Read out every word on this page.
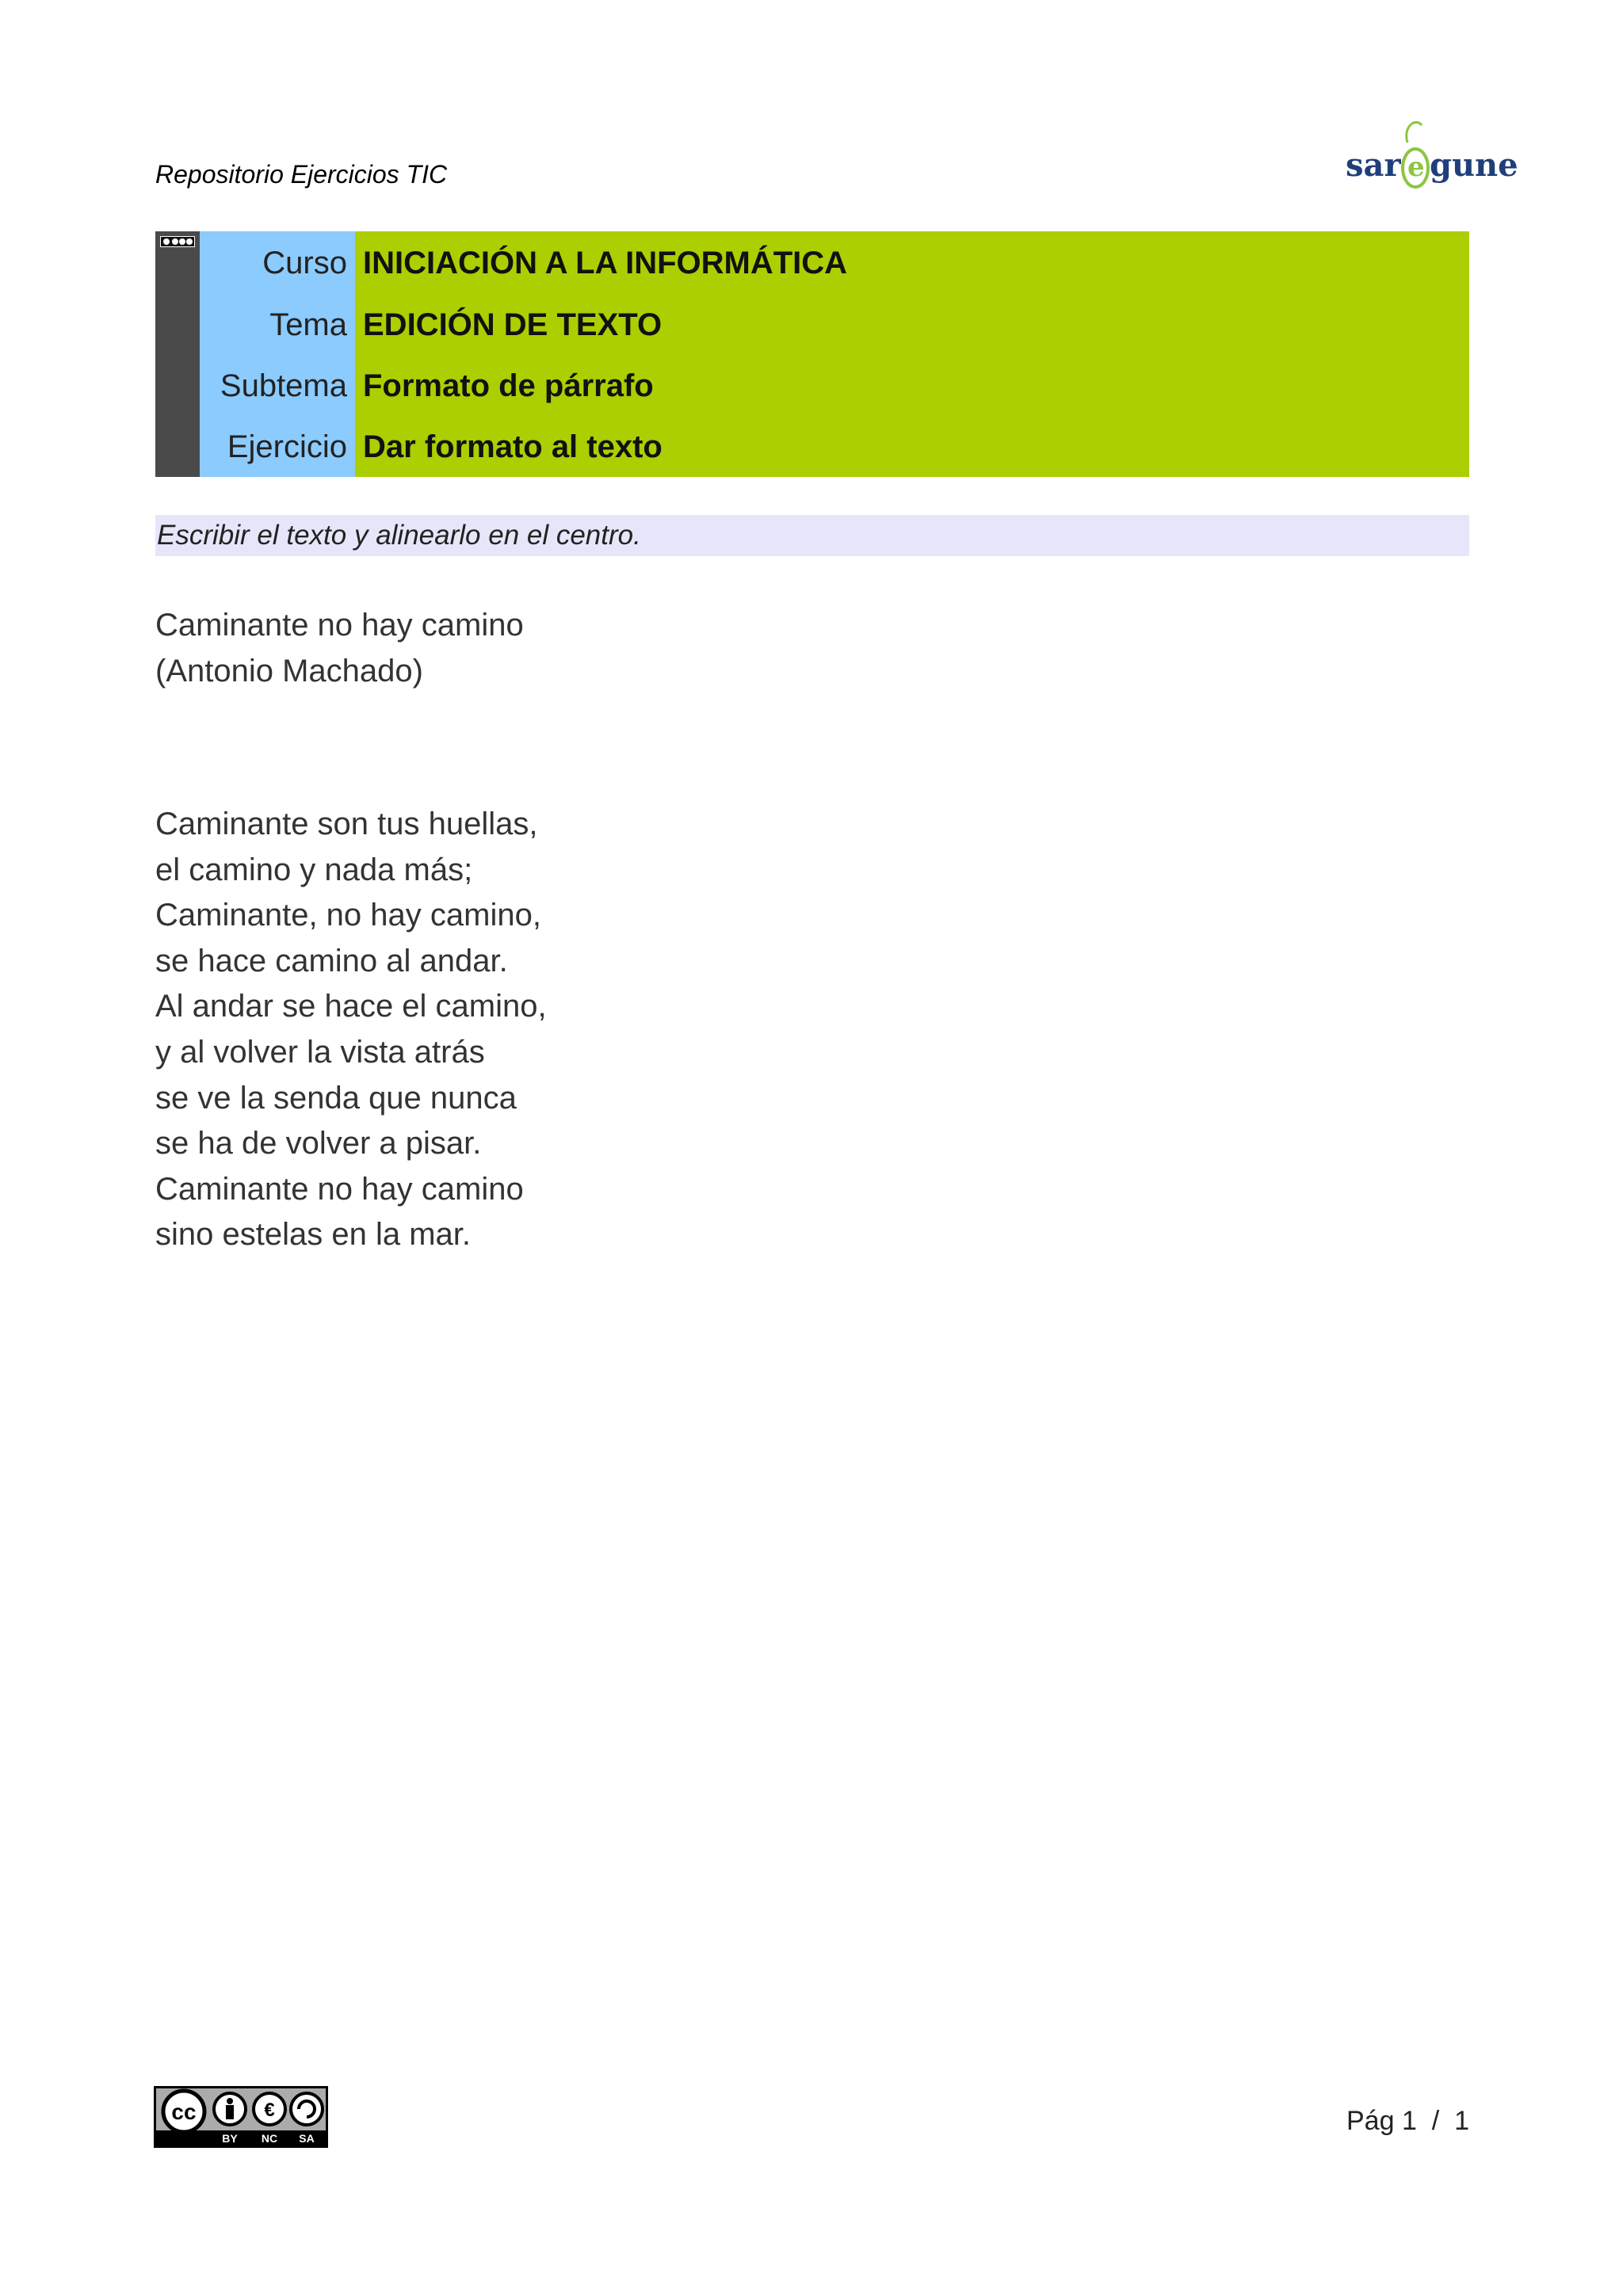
Repositorio Ejercicios TIC	sar e gune
Curso
Tema
Subtema
Ejercicio
INICIACIÓN A LA INFORMÁTICA
EDICIÓN DE TEXTO
Formato de párrafo
Dar formato al texto
Escribir el texto y alinearlo en el centro.
Caminante no hay camino
(Antonio Machado)
Caminante son tus huellas,
el camino y nada más;
Caminante, no hay camino,
se hace camino al andar.
Al andar se hace el camino,
y al volver la vista atrás
se ve la senda que nunca
se ha de volver a pisar.
Caminante no hay camino
sino estelas en la mar.
cc	€
BY NC SA
Pág 1  /  1
